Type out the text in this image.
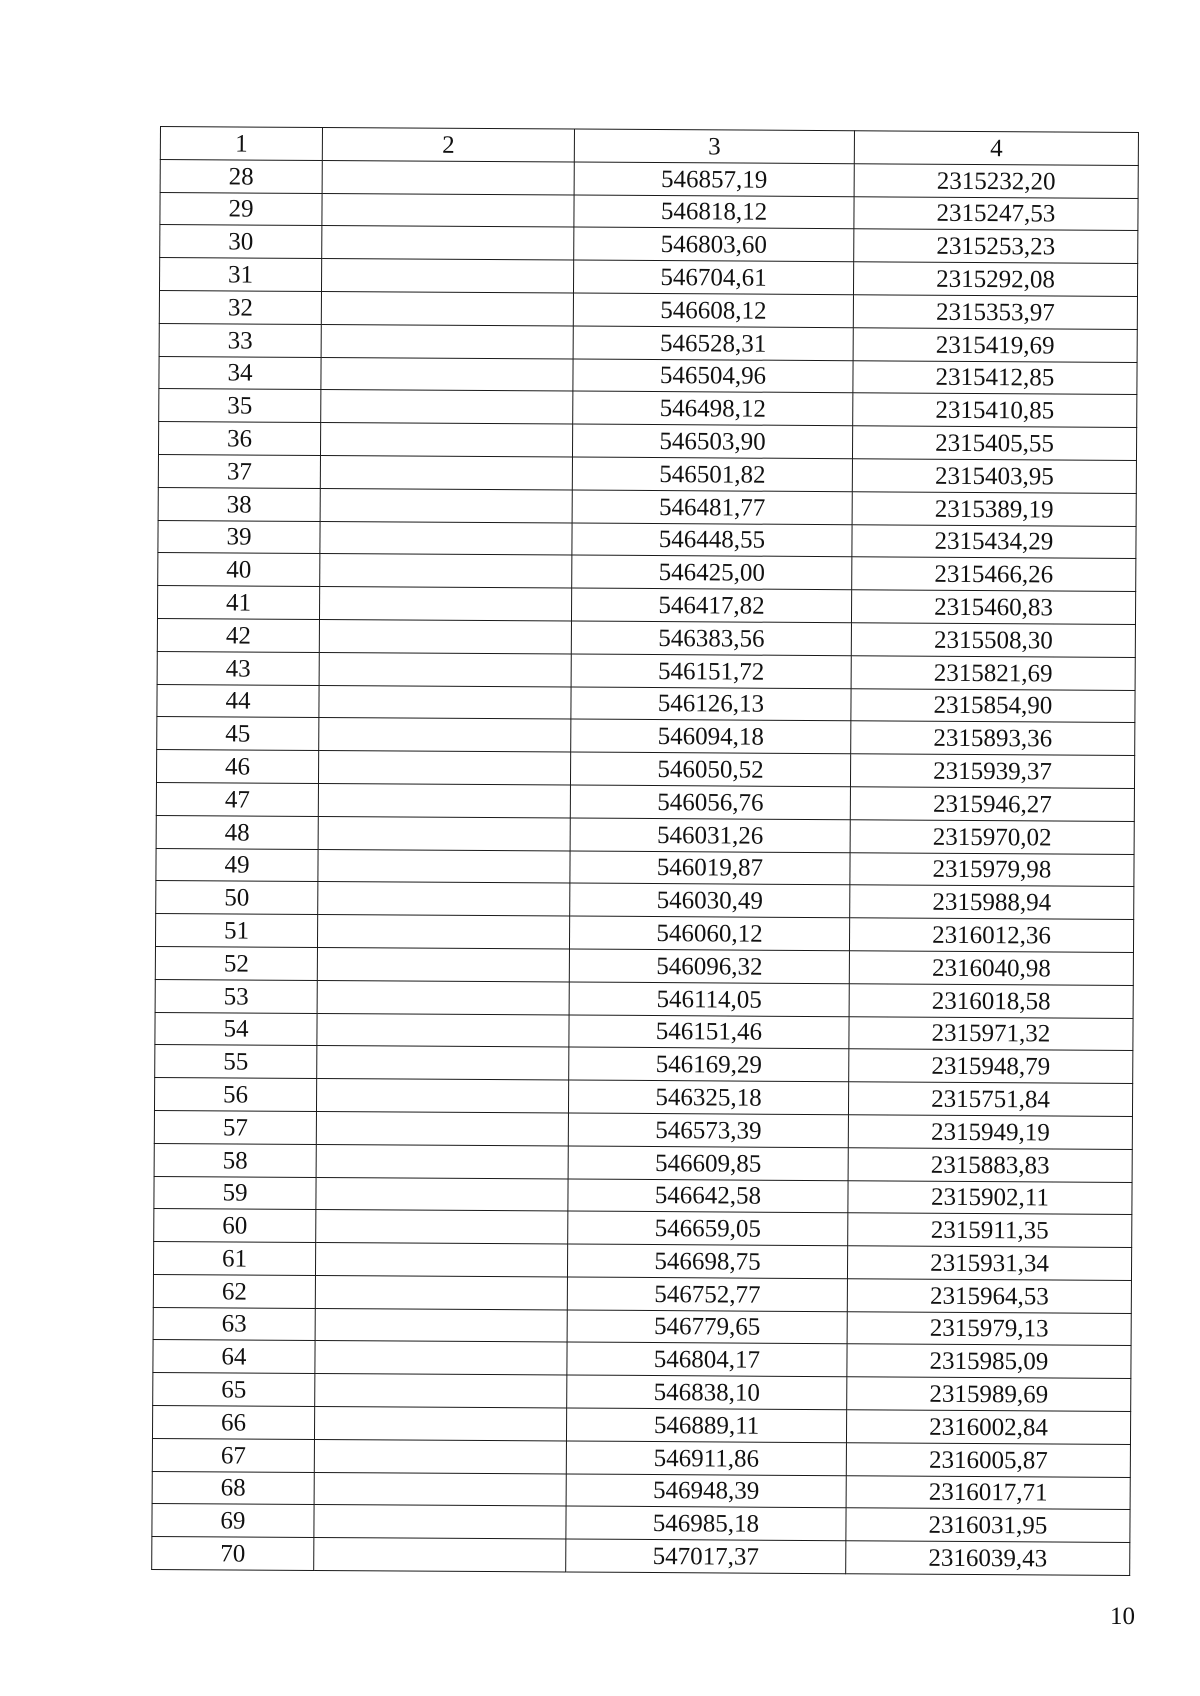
1	2	3	4
28		546857,19	2315232,20
29		546818,12	2315247,53
30		546803,60	2315253,23
31		546704,61	2315292,08
32		546608,12	2315353,97
33		546528,31	2315419,69
34		546504,96	2315412,85
35		546498,12	2315410,85
36		546503,90	2315405,55
37		546501,82	2315403,95
38		546481,77	2315389,19
39		546448,55	2315434,29
40		546425,00	2315466,26
41		546417,82	2315460,83
42		546383,56	2315508,30
43		546151,72	2315821,69
44		546126,13	2315854,90
45		546094,18	2315893,36
46		546050,52	2315939,37
47		546056,76	2315946,27
48		546031,26	2315970,02
49		546019,87	2315979,98
50		546030,49	2315988,94
51		546060,12	2316012,36
52		546096,32	2316040,98
53		546114,05	2316018,58
54		546151,46	2315971,32
55		546169,29	2315948,79
56		546325,18	2315751,84
57		546573,39	2315949,19
58		546609,85	2315883,83
59		546642,58	2315902,11
60		546659,05	2315911,35
61		546698,75	2315931,34
62		546752,77	2315964,53
63		546779,65	2315979,13
64		546804,17	2315985,09
65		546838,10	2315989,69
66		546889,11	2316002,84
67		546911,86	2316005,87
68		546948,39	2316017,71
69		546985,18	2316031,95
70		547017,37	2316039,43
10
